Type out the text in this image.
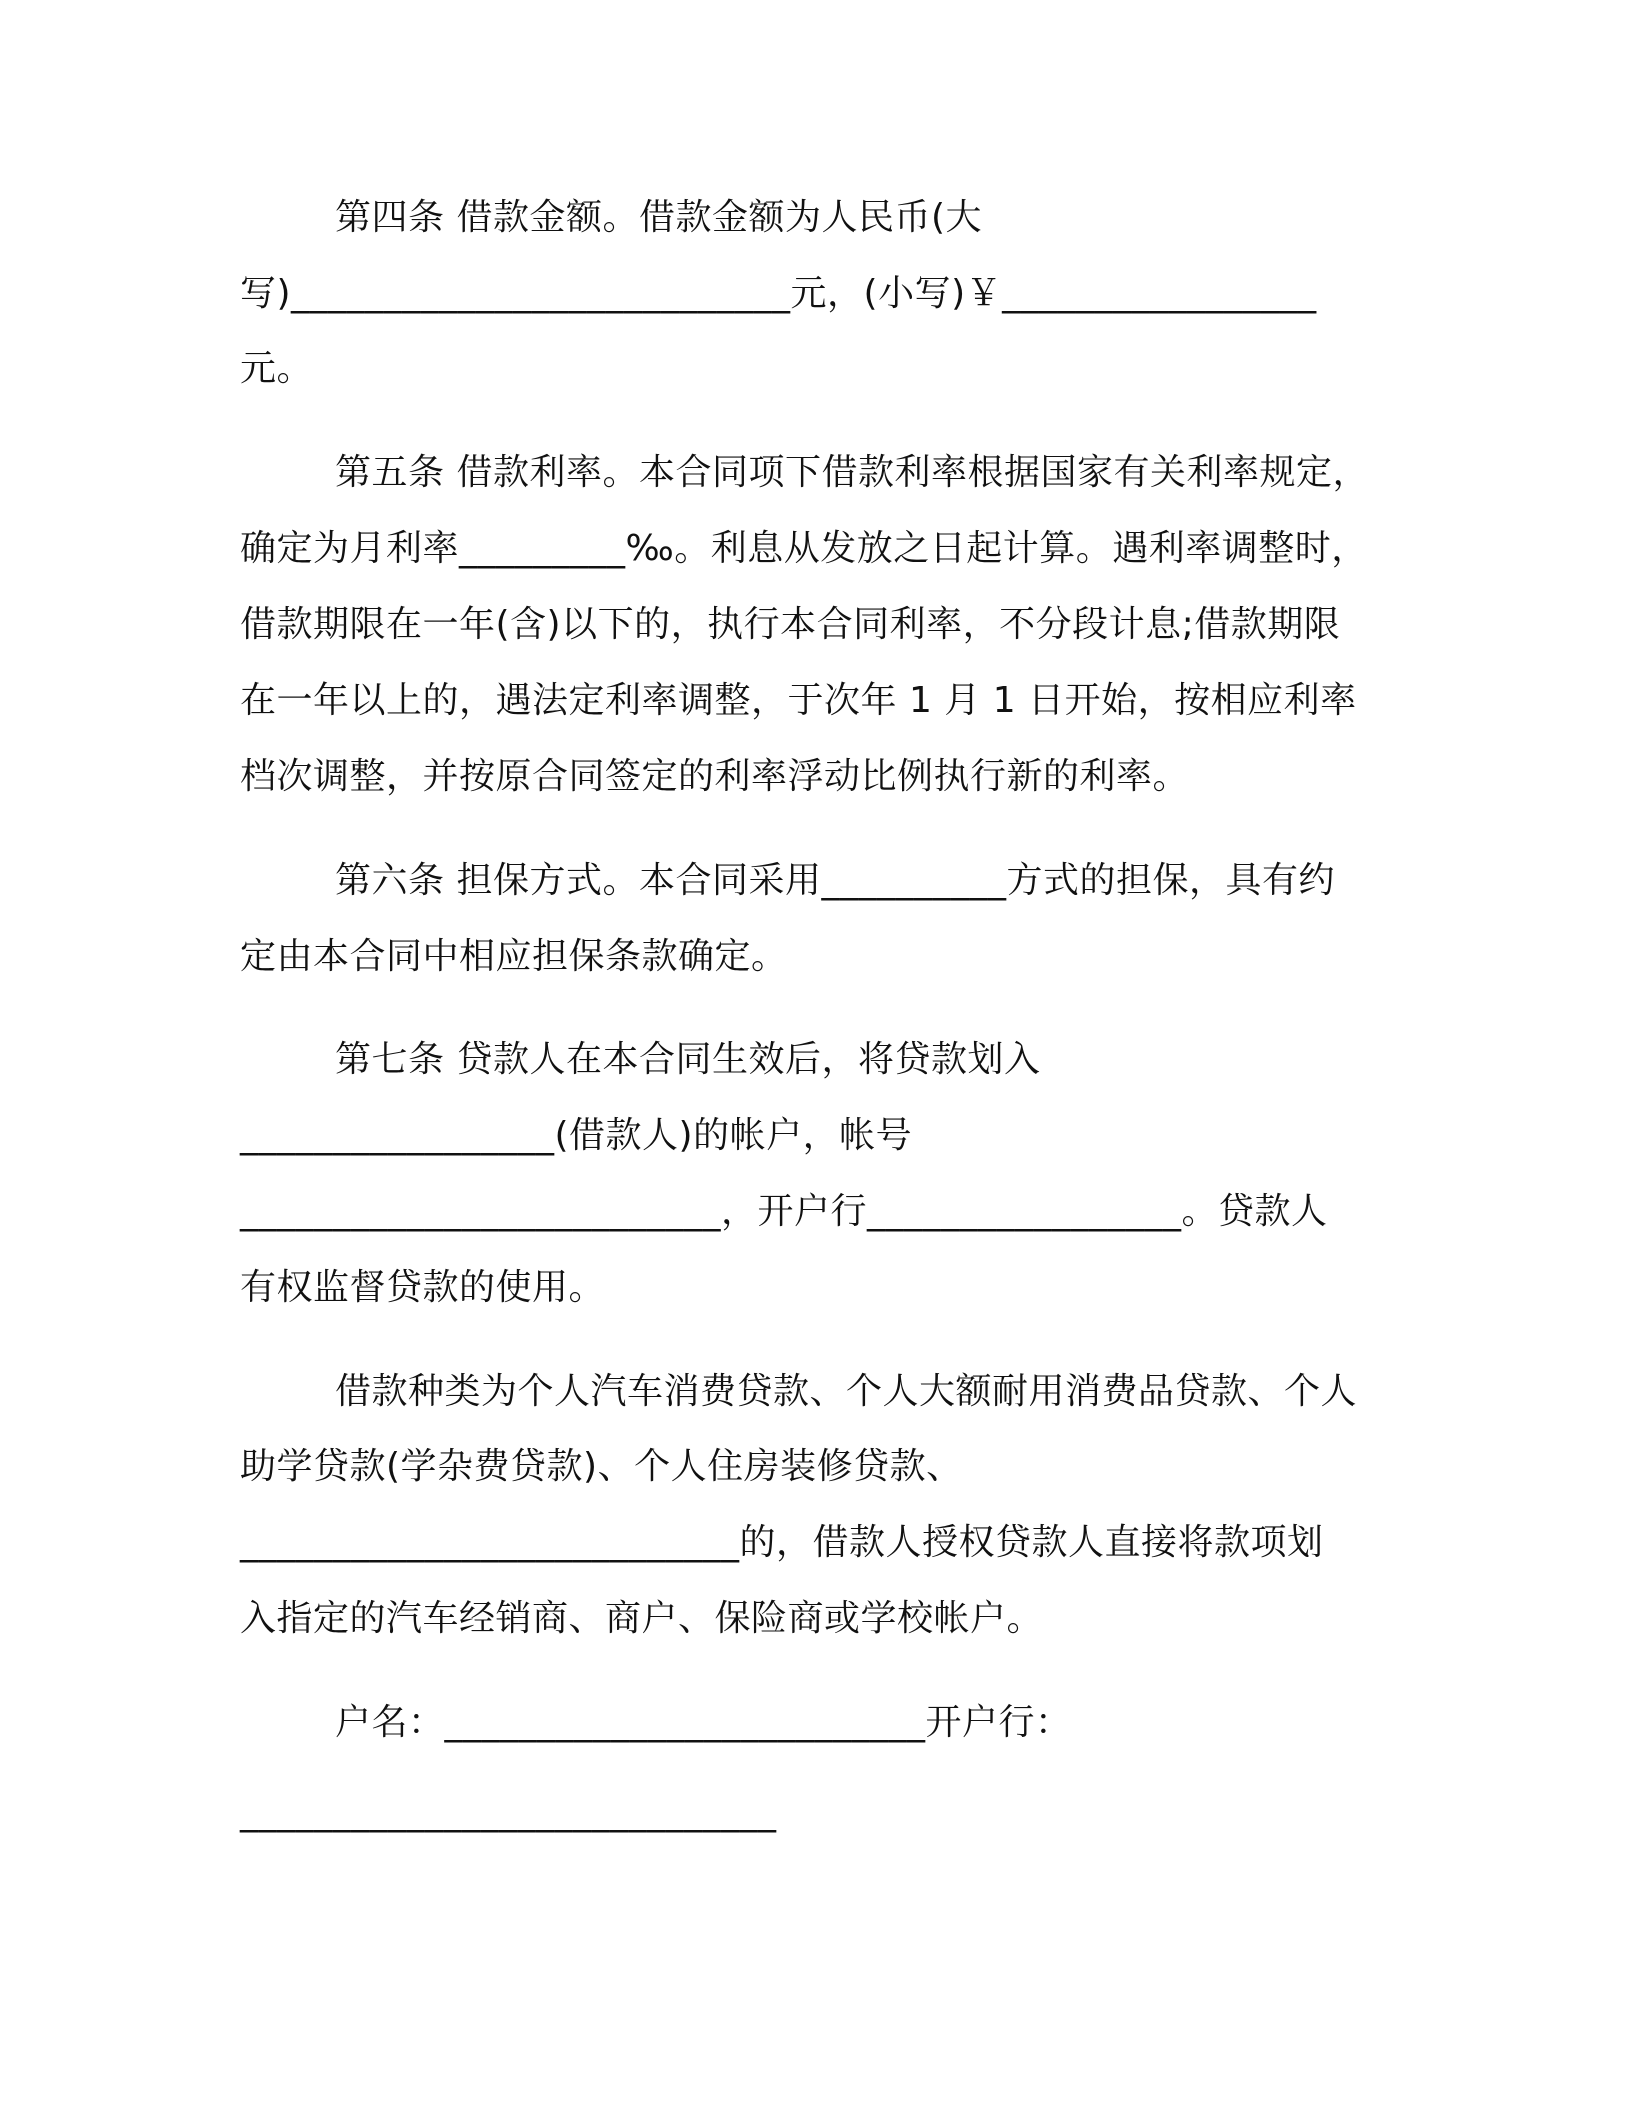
第四条 借款金额。借款金额为人民币(大
写)___________________________元，(小写)￥_________________
元。
第五条 借款利率。本合同项下借款利率根据国家有关利率规定，
确定为月利率_________‰。利息从发放之日起计算。遇利率调整时，
借款期限在一年(含)以下的，执行本合同利率，不分段计息;借款期限
在一年以上的，遇法定利率调整，于次年 1 月 1 日开始，按相应利率
档次调整，并按原合同签定的利率浮动比例执行新的利率。
第六条 担保方式。本合同采用__________方式的担保，具有约
定由本合同中相应担保条款确定。
第七条 贷款人在本合同生效后，将贷款划入
_________________(借款人)的帐户，帐号
__________________________，开户行_________________。贷款人
有权监督贷款的使用。
借款种类为个人汽车消费贷款、个人大额耐用消费品贷款、个人
助学贷款(学杂费贷款)、个人住房装修贷款、
___________________________的，借款人授权贷款人直接将款项划
入指定的汽车经销商、商户、保险商或学校帐户。
户名：__________________________开户行：
_____________________________
